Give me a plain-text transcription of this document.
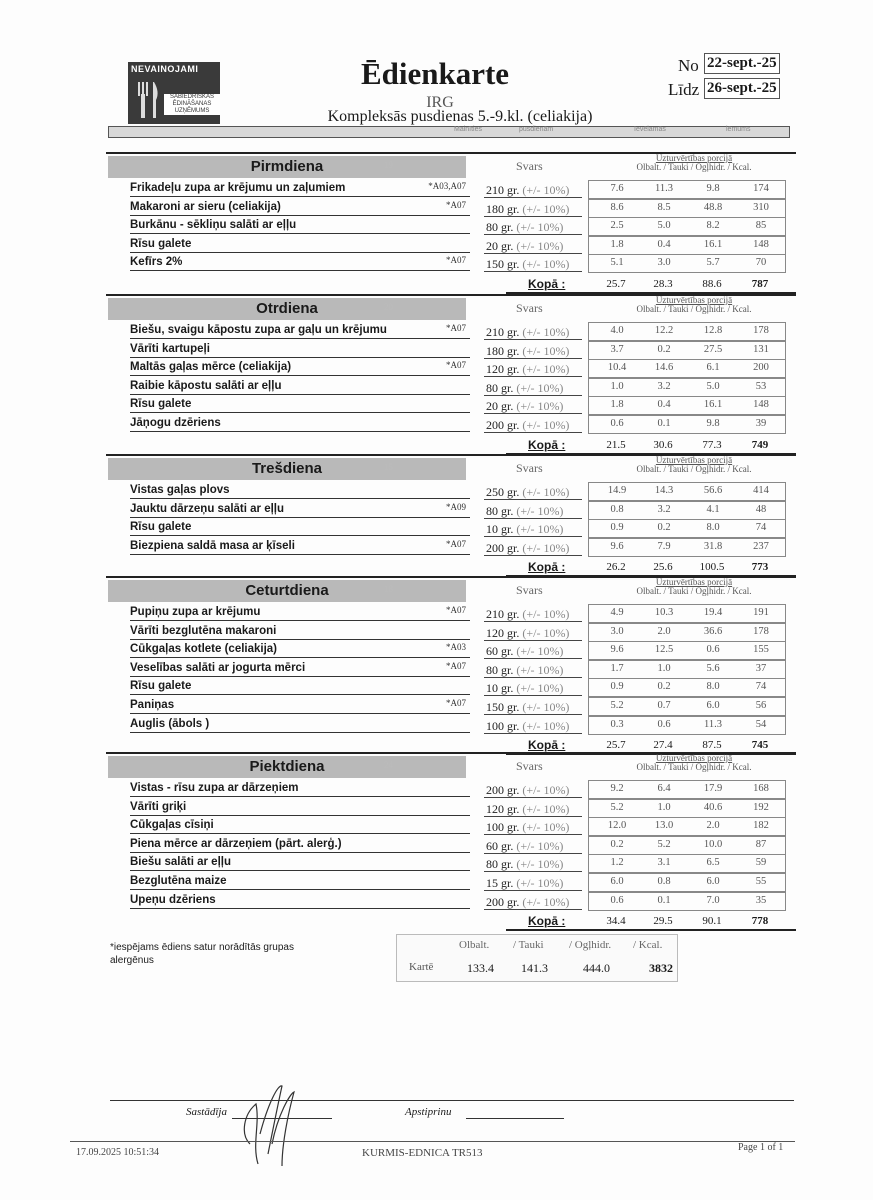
NEVAINOJAMI
SABIEDRISKĀS ĒDINĀŠANAS UZŅĒMUMS
Ēdienkarte
IRG
Kompleksās pusdienas 5.-9.kl. (celiakija)
No 22-sept.-25
Līdz 26-sept.-25
Mainīties	pusdienām	Ievēlamās	lēmums
Pirmdiena	19	Svars
Uzturvērtības porcijā
Olbalt. / Tauki / Ogļhidr. / Kcal.
Frikadeļu zupa ar krējumu un zaļumiem	*A03,A07 210 gr. (+/- 10%)	7.6	11.3	9.8	174
Makaroni ar sieru (celiakija)	*A07 180 gr. (+/- 10%)	8.6	8.5	48.8	310
Burkānu - sēkliņu salāti ar eļļu	80 gr. (+/- 10%)	2.5	5.0	8.2	85
Rīsu galete	20 gr. (+/- 10%)	1.8	0.4	16.1	148
Kefīrs 2%	*A07 150 gr. (+/- 10%)	5.1	3.0	5.7	70
Kopā :	25.7	28.3	88.6	787
Otrdiena	20	Svars
Uzturvērtības porcijā
Olbalt. / Tauki / Ogļhidr. / Kcal.
Biešu, svaigu kāpostu zupa ar gaļu un krējumu	*A07 210 gr. (+/- 10%)	4.0	12.2	12.8	178
Vārīti kartupeļi	180 gr. (+/- 10%)	3.7	0.2	27.5	131
Maltās gaļas mērce (celiakija)	*A07 120 gr. (+/- 10%)	10.4	14.6	6.1	200
Raibie kāpostu salāti ar eļļu	80 gr. (+/- 10%)	1.0	3.2	5.0	53
Rīsu galete	20 gr. (+/- 10%)	1.8	0.4	16.1	148
Jāņogu dzēriens	200 gr. (+/- 10%)	0.6	0.1	9.8	39
Kopā :	21.5	30.6	77.3	749
Trešdiena	15	Svars
Uzturvērtības porcijā
Olbalt. / Tauki / Ogļhidr. / Kcal.
Vistas gaļas plovs	250 gr. (+/- 10%)	14.9	14.3	56.6	414
Jauktu dārzeņu salāti ar eļļu	*A09 80 gr. (+/- 10%)	0.8	3.2	4.1	48
Rīsu galete	10 gr. (+/- 10%)	0.9	0.2	8.0	74
Biezpiena saldā masa ar ķīseli	*A07 200 gr. (+/- 10%)	9.6	7.9	31.8	237
Kopā :	26.2	25.6	100.5	773
Ceturtdiena	18	Svars
Uzturvērtības porcijā
Olbalt. / Tauki / Ogļhidr. / Kcal.
Pupiņu zupa ar krējumu	*A07 210 gr. (+/- 10%)	4.9	10.3	19.4	191
Vārīti bezglutēna makaroni	120 gr. (+/- 10%)	3.0	2.0	36.6	178
Cūkgaļas kotlete (celiakija)	*A03 60 gr. (+/- 10%)	9.6	12.5	0.6	155
Veselības salāti ar jogurta mērci	*A07 80 gr. (+/- 10%)	1.7	1.0	5.6	37
Rīsu galete	10 gr. (+/- 10%)	0.9	0.2	8.0	74
Paniņas	*A07 150 gr. (+/- 10%)	5.2	0.7	6.0	56
Auglis (ābols )	100 gr. (+/- 10%)	0.3	0.6	11.3	54
Kopā :	25.7	27.4	87.5	745
Piektdiena	24	Svars
Uzturvērtības porcijā
Olbalt. / Tauki / Ogļhidr. / Kcal.
Vistas - rīsu zupa ar dārzeņiem	200 gr. (+/- 10%)	9.2	6.4	17.9	168
Vārīti griķi	120 gr. (+/- 10%)	5.2	1.0	40.6	192
Cūkgaļas cīsiņi	100 gr. (+/- 10%)	12.0	13.0	2.0	182
Piena mērce ar dārzeņiem (pārt. alerģ.)	60 gr. (+/- 10%)	0.2	5.2	10.0	87
Biešu salāti ar eļļu	80 gr. (+/- 10%)	1.2	3.1	6.5	59
Bezglutēna maize	15 gr. (+/- 10%)	6.0	0.8	6.0	55
Upeņu dzēriens	200 gr. (+/- 10%)	0.6	0.1	7.0	35
Kopā :	34.4	29.5	90.1	778
*iespējams ēdiens satur norādītās grupas alergēnus
Olbalt. / Tauki / Ogļhidr. / Kcal.
Kartē	133.4 141.3	444.0	3832
Sastādīja	Apstiprinu
17.09.2025 10:51:34	KURMIS-EDNICA TR513	Page 1 of 1
